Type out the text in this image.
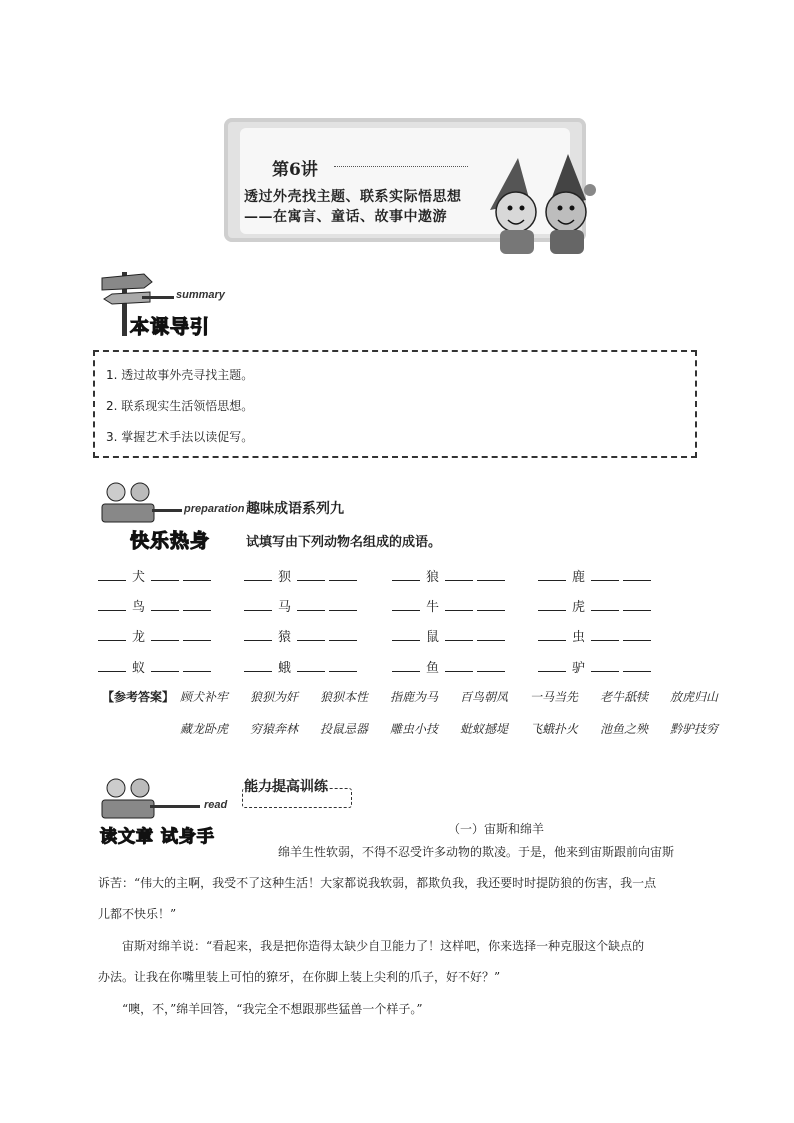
第6讲
透过外壳找主题、联系实际悟思想
——在寓言、童话、故事中遨游
summary
本课导引
1. 透过故事外壳寻找主题。
2. 联系现实生活领悟思想。
3. 掌握艺术手法以读促写。
preparation
快乐热身
趣味成语系列九
试填写由下列动物名组成的成语。
犬	狈	狼	鹿
鸟	马	牛	虎
龙	猿	鼠	虫
蚁	蛾	鱼	驴
【参考答案】 顾犬补牢 狼狈为奸 狼狈本性 指鹿为马 百鸟朝凤 一马当先 老牛舐犊 放虎归山
藏龙卧虎 穷猿奔林 投鼠忌器 雕虫小技 蚍蚁撼堤 飞蛾扑火 池鱼之殃 黔驴技穷
read
读文章 试身手
能力提高训练
（一）宙斯和绵羊
绵羊生性软弱，不得不忍受许多动物的欺凌。于是，他来到宙斯跟前向宙斯
诉苦：“伟大的主啊，我受不了这种生活！大家都说我软弱，都欺负我，我还要时时提防狼的伤害，我一点
儿都不快乐！”
宙斯对绵羊说：“看起来，我是把你造得太缺少自卫能力了！这样吧，你来选择一种克服这个缺点的
办法。让我在你嘴里装上可怕的獠牙，在你脚上装上尖利的爪子，好不好？”
“噢，不，”绵羊回答，“我完全不想跟那些猛兽一个样子。”
